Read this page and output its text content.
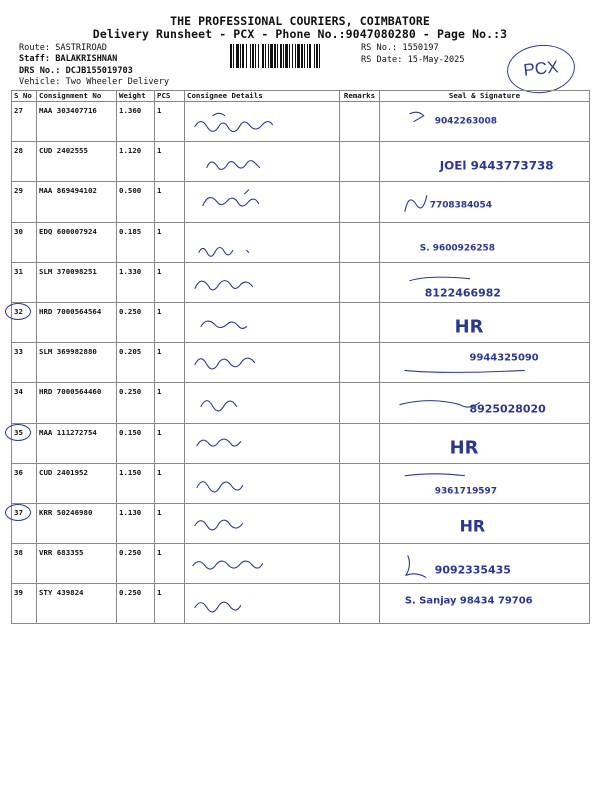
THE PROFESSIONAL COURIERS, COIMBATORE
Delivery Runsheet - PCX - Phone No.:9047080280 - Page No.:3
Route: SASTRIROAD
Staff: BALAKRISHNAN
DRS No.: DCJB155019703
Vehicle: Two Wheeler Delivery
RS No.: 1550197
RS Date: 15-May-2025	PCX
S No	Consignment No	Weight	PCS	Consignee Details	Remarks	Seal & Signature
27	MAA 303407716	1.360	1			9042263008

28	CUD 2402555	1.120	1			JOEl 9443773738

29	MAA 869494102	0.500	1			7708384054

30	EDQ 600007924	0.185	1			S. 9600926258

31	SLM 370098251	1.330	1			8122466982

32	HRD 7000564564	0.250	1			HR

33	SLM 369982880	0.205	1			9944325090

34	HRD 7000564460	0.250	1			8925028020

35	MAA 111272754	0.150	1			HR

36	CUD 2401952	1.150	1			9361719597

37	KRR 50246980	1.130	1			HR

38	VRR 683355	0.250	1			9092335435

39	STY 439824	0.250	1			S. Sanjay 98434 79706
